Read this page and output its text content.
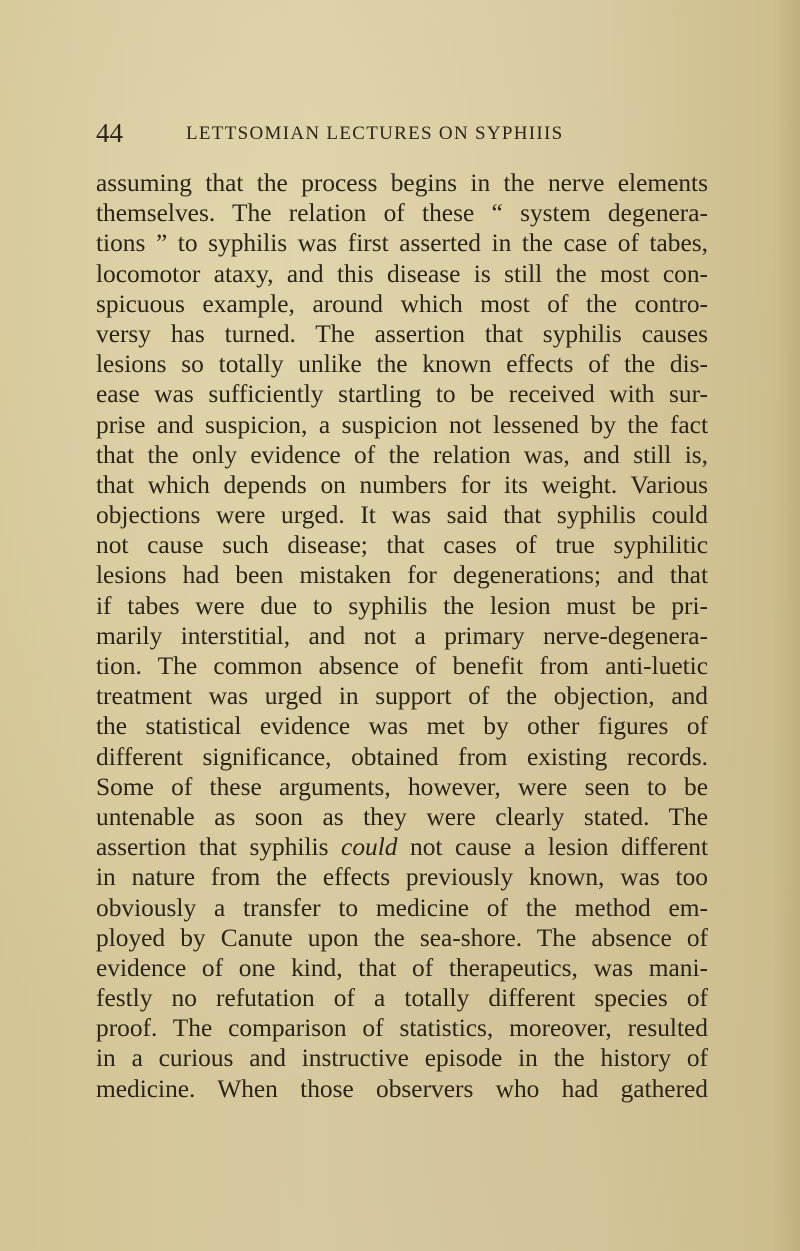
44	LETTSOMIAN LECTURES ON SYPHIIIS
assuming that the process begins in the nerve elements
themselves. The relation of these “ system degenera-
tions ” to syphilis was first asserted in the case of tabes,
locomotor ataxy, and this disease is still the most con-
spicuous example, around which most of the contro-
versy has turned. The assertion that syphilis causes
lesions so totally unlike the known effects of the dis-
ease was sufficiently startling to be received with sur-
prise and suspicion, a suspicion not lessened by the fact
that the only evidence of the relation was, and still is,
that which depends on numbers for its weight. Various
objections were urged. It was said that syphilis could
not cause such disease; that cases of true syphilitic
lesions had been mistaken for degenerations; and that
if tabes were due to syphilis the lesion must be pri-
marily interstitial, and not a primary nerve-degenera-
tion. The common absence of benefit from anti-luetic
treatment was urged in support of the objection, and
the statistical evidence was met by other figures of
different significance, obtained from existing records.
Some of these arguments, however, were seen to be
untenable as soon as they were clearly stated. The
assertion that syphilis could not cause a lesion different
in nature from the effects previously known, was too
obviously a transfer to medicine of the method em-
ployed by Canute upon the sea-shore. The absence of
evidence of one kind, that of therapeutics, was mani-
festly no refutation of a totally different species of
proof. The comparison of statistics, moreover, resulted
in a curious and instructive episode in the history of
medicine. When those observers who had gathered
